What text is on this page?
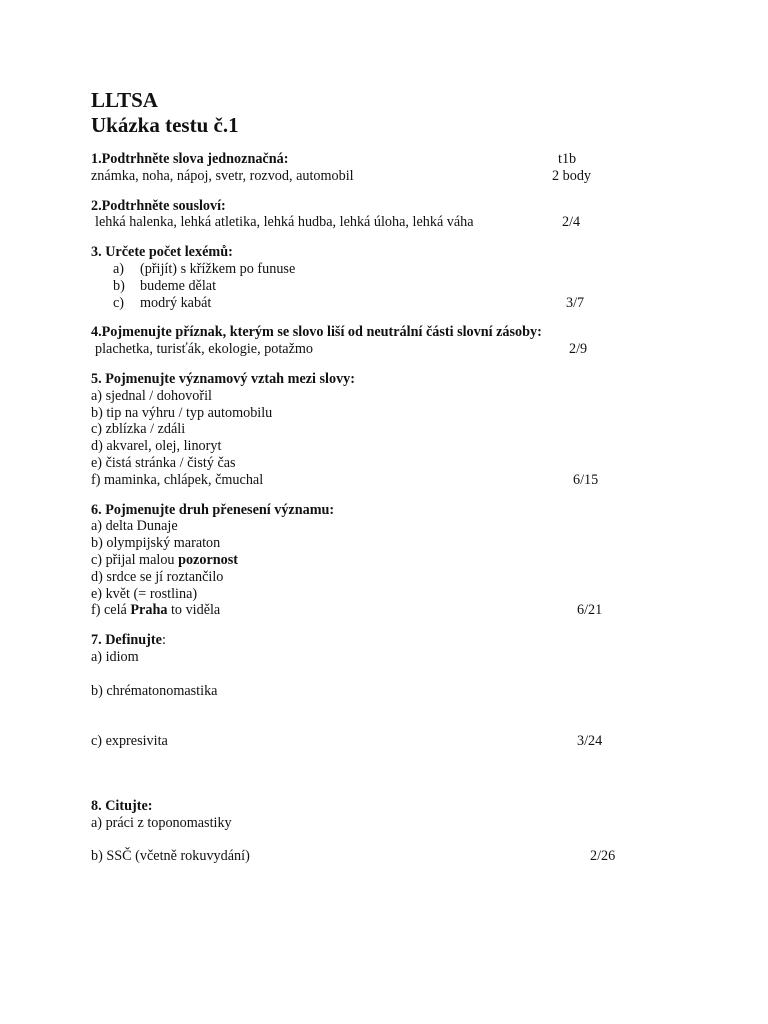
LLTSA
Ukázka testu č.1
1.Podtrhněte slova jednoznačná:	t1b
známka, noha, nápoj, svetr, rozvod, automobil	2 body
2.Podtrhněte sousloví:
lehká halenka, lehká atletika, lehká hudba, lehká úloha, lehká váha	2/4
3. Určete počet lexémů:
a) (přijít) s křížkem po funuse
b) budeme dělat
c) modrý kabát	3/7
4.Pojmenujte příznak, kterým se slovo liší od neutrální části slovní zásoby:
plachetka, turisťák, ekologie, potažmo	2/9
5. Pojmenujte významový vztah mezi slovy:
a) sjednal / dohovořil
b) tip na výhru / typ automobilu
c) zblízka / zdáli
d) akvarel, olej, linoryt
e) čistá stránka / čistý čas
f) maminka, chlápek, čmuchal	6/15
6. Pojmenujte druh přenesení významu:
a) delta Dunaje
b) olympijský maraton
c) přijal malou pozornost
d) srdce se jí roztančilo
e) květ (= rostlina)
f) celá Praha to viděla	6/21
7. Definujte:
a) idiom
b) chrématonomastika
c) expresivita	3/24
8. Citujte:
a) práci z toponomastiky
b) SSČ (včetně rokuvydání)	2/26
